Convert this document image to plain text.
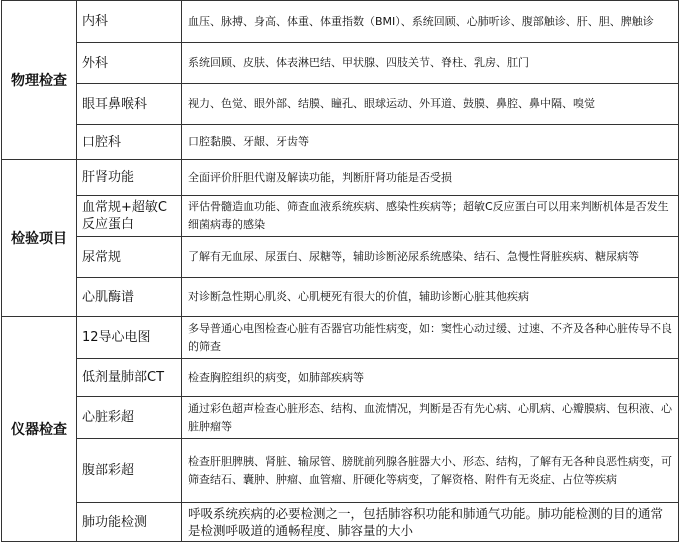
物理检查	内科	血压、脉搏、身高、体重、体重指数（BMI）、系统回顾、心肺听诊、腹部触诊、肝、胆、脾触诊
	外科	系统回顾、皮肤、体表淋巴结、甲状腺、四肢关节、脊柱、乳房、肛门
	眼耳鼻喉科	视力、色觉、眼外部、结膜、瞳孔、眼球运动、外耳道、鼓膜、鼻腔、鼻中隔、嗅觉
	口腔科	口腔黏膜、牙龈、牙齿等
检验项目	肝肾功能	全面评价肝胆代谢及解读功能，判断肝肾功能是否受损
	血常规+超敏C反应蛋白	评估骨髓造血功能、筛查血液系统疾病、感染性疾病等；超敏C反应蛋白可以用来判断机体是否发生细菌病毒的感染
	尿常规	了解有无血尿、尿蛋白、尿糖等，辅助诊断泌尿系统感染、结石、急慢性肾脏疾病、糖尿病等
	心肌酶谱	对诊断急性期心肌炎、心肌梗死有很大的价值，辅助诊断心脏其他疾病
仪器检查	12导心电图	多导普通心电图检查心脏有否器官功能性病变，如：窦性心动过缓、过速、不齐及各种心脏传导不良的筛查
	低剂量肺部CT	检查胸腔组织的病变，如肺部疾病等
	心脏彩超	通过彩色超声检查心脏形态、结构、血流情况，判断是否有先心病、心肌病、心瓣膜病、包积液、心脏肿瘤等
	腹部彩超	检查肝胆脾胰、肾脏、输尿管、膀胱前列腺各脏器大小、形态、结构，了解有无各种良恶性病变，可筛查结石、囊肿、肿瘤、血管瘤、肝硬化等病变，了解资格、附件有无炎症、占位等疾病
	肺功能检测	呼吸系统疾病的必要检测之一，包括肺容积功能和肺通气功能。肺功能检测的目的通常是检测呼吸道的通畅程度、肺容量的大小
